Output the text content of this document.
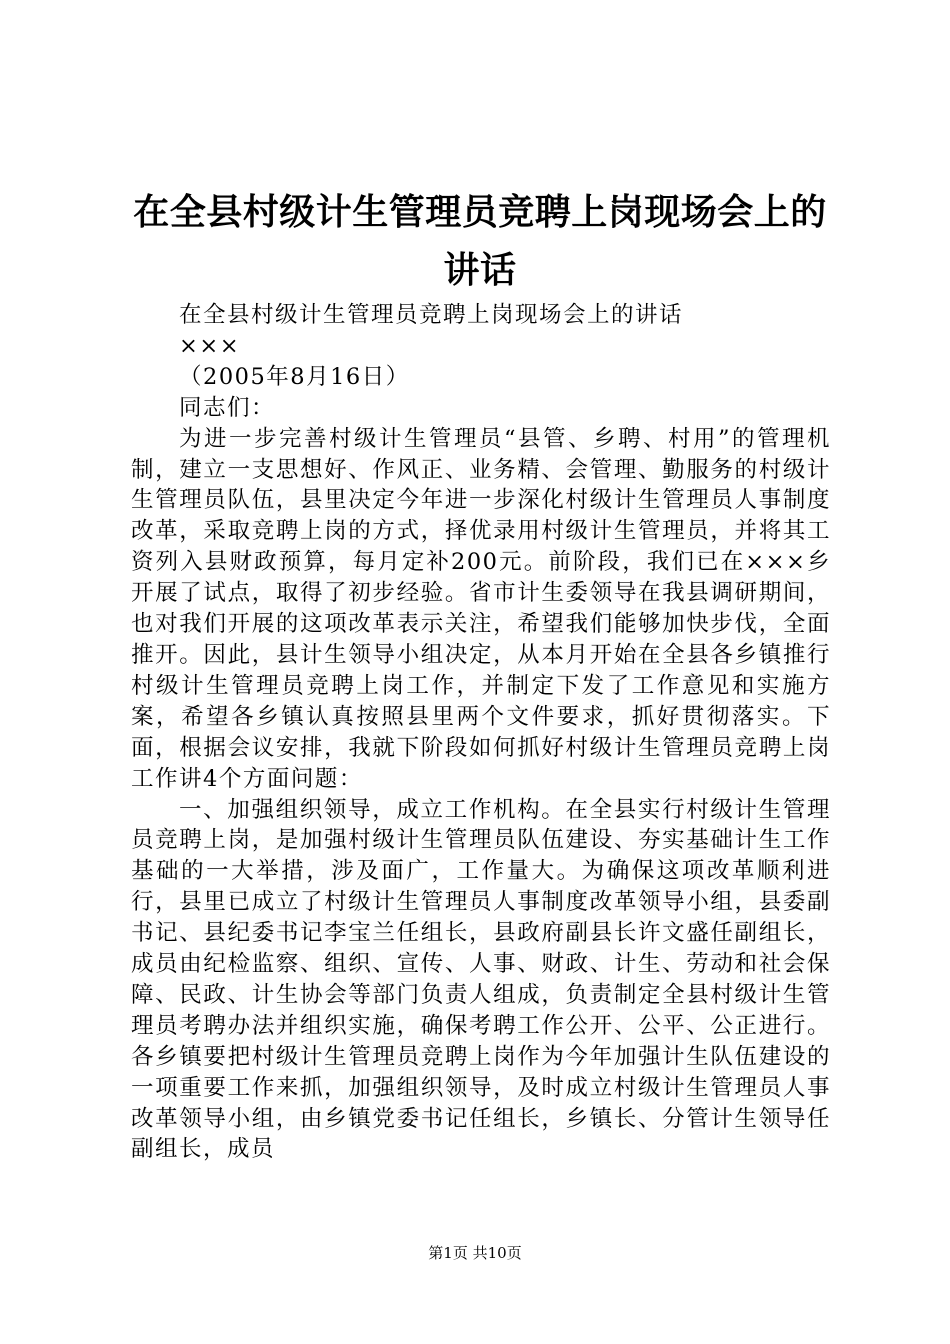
在全县村级计生管理员竞聘上岗现场会上的讲话

在全县村级计生管理员竞聘上岗现场会上的讲话

×××

（2005年8月16日）

同志们：

为进一步完善村级计生管理员“县管、乡聘、村用”的管理机制，建立一支思想好、作风正、业务精、会管理、勤服务的村级计生管理员队伍，县里决定今年进一步深化村级计生管理员人事制度改革，采取竞聘上岗的方式，择优录用村级计生管理员，并将其工资列入县财政预算，每月定补200元。前阶段，我们已在×××乡开展了试点，取得了初步经验。省市计生委领导在我县调研期间，也对我们开展的这项改革表示关注，希望我们能够加快步伐，全面推开。因此，县计生领导小组决定，从本月开始在全县各乡镇推行村级计生管理员竞聘上岗工作，并制定下发了工作意见和实施方案，希望各乡镇认真按照县里两个文件要求，抓好贯彻落实。下面，根据会议安排，我就下阶段如何抓好村级计生管理员竞聘上岗工作讲4个方面问题：

一、加强组织领导，成立工作机构。在全县实行村级计生管理员竞聘上岗，是加强村级计生管理员队伍建设、夯实基础计生工作基础的一大举措，涉及面广，工作量大。为确保这项改革顺利进行，县里已成立了村级计生管理员人事制度改革领导小组，县委副书记、县纪委书记李宝兰任组长，县政府副县长许文盛任副组长，成员由纪检监察、组织、宣传、人事、财政、计生、劳动和社会保障、民政、计生协会等部门负责人组成，负责制定全县村级计生管理员考聘办法并组织实施，确保考聘工作公开、公平、公正进行。各乡镇要把村级计生管理员竞聘上岗作为今年加强计生队伍建设的一项重要工作来抓，加强组织领导，及时成立村级计生管理员人事改革领导小组，由乡镇党委书记任组长，乡镇长、分管计生领导任副组长，成员

第1页 共10页
